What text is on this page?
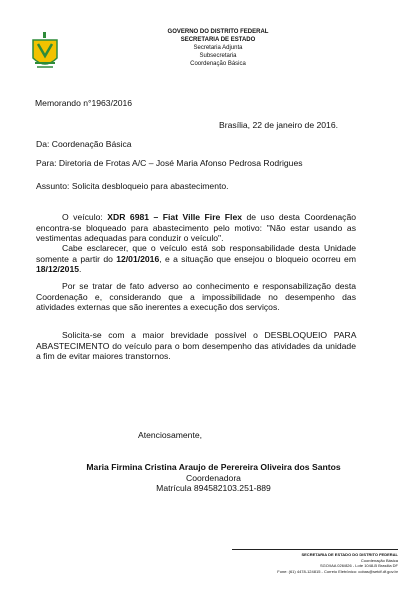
GOVERNO DO DISTRITO FEDERAL
SECRETARIA DE ESTADO
Secretaria Adjunta
Subsecretaria
Coordenação Básica
Memorando n°1963/2016
Brasília, 22 de janeiro de 2016.
Da: Coordenação Básica
Para: Diretoria de Frotas A/C – José Maria Afonso Pedrosa Rodrigues
Assunto: Solicita desbloqueio para abastecimento.
O veículo: XDR 6981 – Fiat Ville Fire Flex de uso desta Coordenação encontra-se bloqueado para abastecimento pelo motivo: "Não estar usando as vestimentas adequadas para conduzir o veículo".
Cabe esclarecer, que o veículo está sob responsabilidade desta Unidade somente a partir do 12/01/2016, e a situação que ensejou o bloqueio ocorreu em 18/12/2015.
Por se tratar de fato adverso ao conhecimento e responsabilização desta Coordenação e, considerando que a impossibilidade no desempenho das atividades externas que são inerentes a execução dos serviços.
Solicita-se com a maior brevidade possível o DESBLOQUEIO PARA ABASTECIMENTO do veículo para o bom desempenho das atividades da unidade a fim de evitar maiores transtornos.
Atenciosamente,
Maria Firmina Cristina Araujo de Perereira Oliveira dos Santos
Coordenadora
Matrícula 894582103.251-889
SECRETARIA DE ESTADO DO DISTRITO FEDERAL
Coordenação Básica
SGO/IAA 026/826 - Lote 1048-B Brasília DF
Fone: (61) 4478-124815 - Correio Eletrônico: cobas@setdf.df.gov.br
